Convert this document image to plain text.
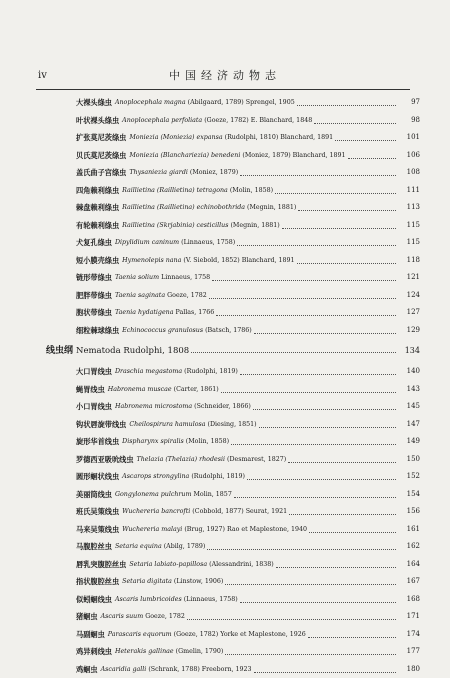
iv	中国经济动物志
大裸头绦虫 Anoplocephala magna (Abilgaard, 1789) Sprengel, 1905	97
叶状裸头绦虫 Anoplocephala perfoliata (Goeze, 1782) E. Blanchard, 1848	98
扩张莫尼茨绦虫 Moniezia (Moniezia) expansa (Rudolphi, 1810) Blanchard, 1891	101
贝氏莫尼茨绦虫 Moniezia (Blanchariezia) benedeni (Moniez, 1879) Blanchard, 1891	106
盖氏曲子宫绦虫 Thysaniezia giardi (Moniez, 1879)	108
四角赖利绦虫 Raillietina (Raillietina) tetragona (Molin, 1858)	111
棘盘赖利绦虫 Raillietina (Raillietina) echinobothrida (Megnin, 1881)	113
有轮赖利绦虫 Raillietina (Skrjabinia) cesticillus (Megnin, 1881)	115
犬复孔绦虫 Dipylidium caninum (Linnaeus, 1758)	115
短小膜壳绦虫 Hymenolepis nana (V. Siebold, 1852) Blanchard, 1891	118
链形带绦虫 Taenia solium Linnaeus, 1758	121
肥胖带绦虫 Taenia saginata Goeze, 1782	124
胞状带绦虫 Taenia hydatigena Pallas, 1766	127
细粒棘球绦虫 Echinococcus granulosus (Batsch, 1786)	129
线虫纲 Nematoda Rudolphi, 1808	134
大口胃线虫 Draschia megastoma (Rudolphi, 1819)	140
蝇胃线虫 Habronema muscae (Carter, 1861)	143
小口胃线虫 Habronema microstoma (Schneider, 1866)	145
钩状唇旋带线虫 Cheilospirura hamulosa (Diesing, 1851)	147
旋形华首线虫 Dispharynx spiralis (Molin, 1858)	149
罗德西亚吸吮线虫 Thelazia (Thelazia) rhodesii (Desmarest, 1827)	150
圆形蛔状线虫 Ascarops strongylina (Rudolphi, 1819)	152
美丽筒线虫 Gongylonema pulchrum Molin, 1857	154
班氏吴策线虫 Wuchereria bancrofti (Cobbold, 1877) Seurat, 1921	156
马来吴策线虫 Wuchereria malayi (Brug, 1927) Rao et Maplestone, 1940	161
马腹腔丝虫 Setaria equina (Abilg, 1789)	162
唇乳突腹腔丝虫 Setaria labiato-papillosa (Alessandrini, 1838)	164
指状腹腔丝虫 Setaria digitata (Linstow, 1906)	167
似蚓蛔线虫 Ascaris lumbricoides (Linnaeus, 1758)	168
猪蛔虫 Ascaris suum Goeze, 1782	171
马副蛔虫 Parascaris equorum (Goeze, 1782) Yorke et Maplestone, 1926	174
鸡异刺线虫 Heterakis gallinae (Gmelin, 1790)	177
鸡蛔虫 Ascaridia galli (Schrank, 1788) Freeborn, 1923	180
